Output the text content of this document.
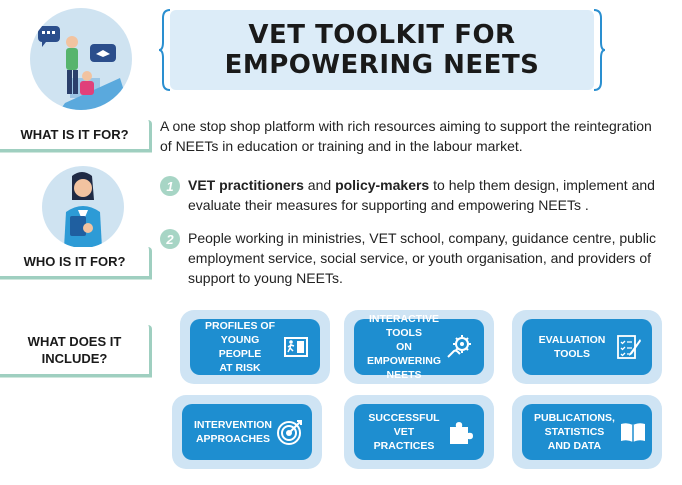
VET TOOLKIT FOR
EMPOWERING NEETS
WHAT IS IT FOR?
A one stop shop platform with rich resources aiming to support the reintegration of NEETs in education or training and in the labour market.
WHO IS IT FOR?
1	VET practitioners and policy-makers to help them design, implement and evaluate their measures for supporting and empowering NEETs .
2	People working in ministries, VET school, company, guidance centre, public employment service, social service, or youth organisation, and providers of support to young NEETs.
WHAT DOES IT
INCLUDE?
PROFILES OF
YOUNG PEOPLE
AT RISK
INTERACTIVE TOOLS
ON EMPOWERING
NEETS
EVALUATION
TOOLS
INTERVENTION
APPROACHES
SUCCESSFUL
VET
PRACTICES
PUBLICATIONS,
STATISTICS
AND DATA
